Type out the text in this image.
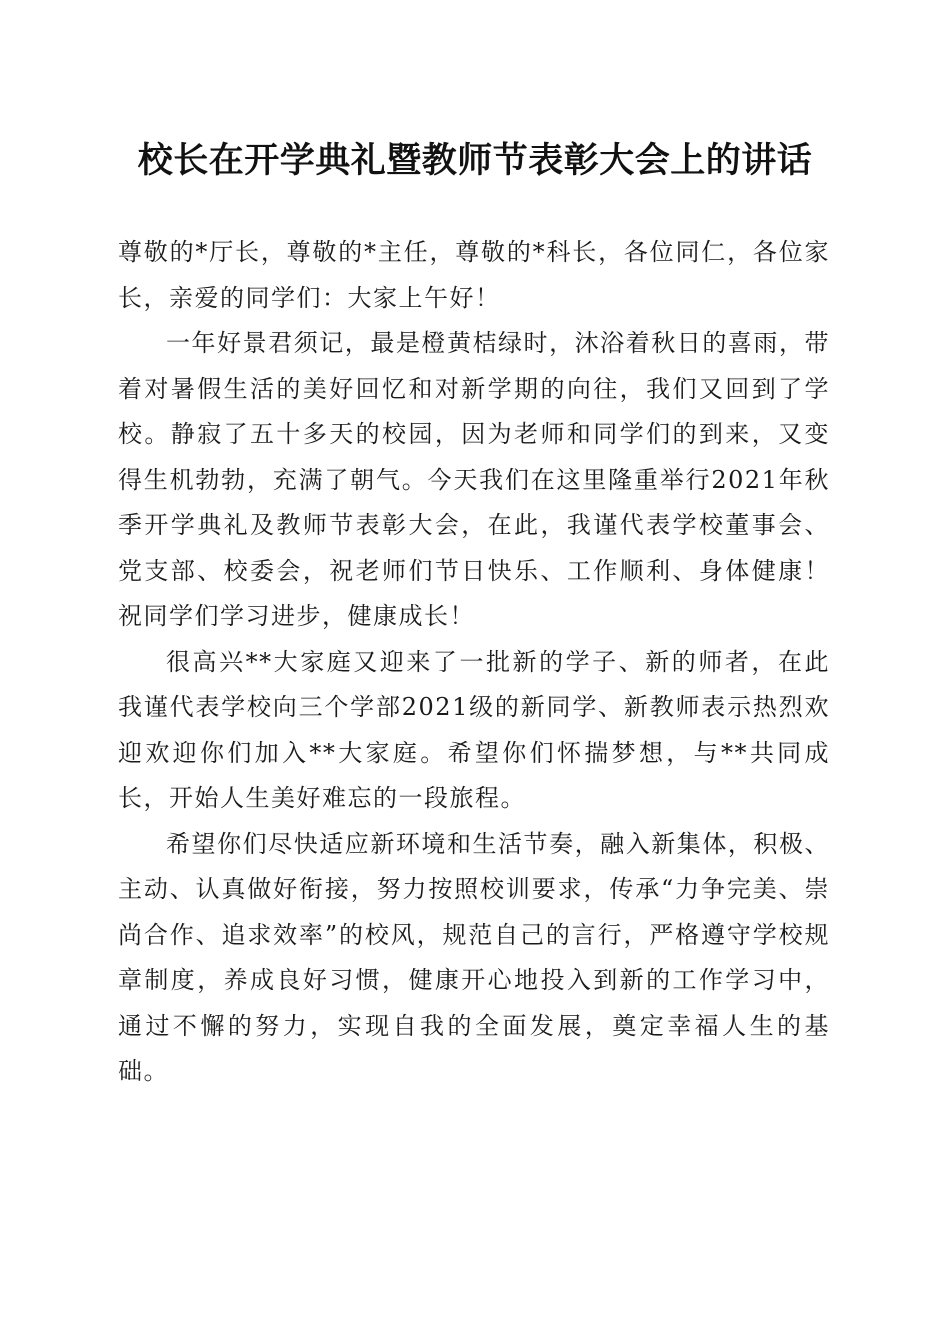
校长在开学典礼暨教师节表彰大会上的讲话

尊敬的*厅长，尊敬的*主任，尊敬的*科长，各位同仁，各位家长，亲爱的同学们：大家上午好！

一年好景君须记，最是橙黄桔绿时，沐浴着秋日的喜雨，带着对暑假生活的美好回忆和对新学期的向往，我们又回到了学校。静寂了五十多天的校园，因为老师和同学们的到来，又变得生机勃勃，充满了朝气。今天我们在这里隆重举行2021年秋季开学典礼及教师节表彰大会，在此，我谨代表学校董事会、党支部、校委会，祝老师们节日快乐、工作顺利、身体健康！祝同学们学习进步，健康成长！

很高兴**大家庭又迎来了一批新的学子、新的师者，在此我谨代表学校向三个学部2021级的新同学、新教师表示热烈欢迎欢迎你们加入**大家庭。希望你们怀揣梦想，与**共同成长，开始人生美好难忘的一段旅程。

希望你们尽快适应新环境和生活节奏，融入新集体，积极、主动、认真做好衔接，努力按照校训要求，传承“力争完美、崇尚合作、追求效率”的校风，规范自己的言行，严格遵守学校规章制度，养成良好习惯，健康开心地投入到新的工作学习中，通过不懈的努力，实现自我的全面发展，奠定幸福人生的基础。
